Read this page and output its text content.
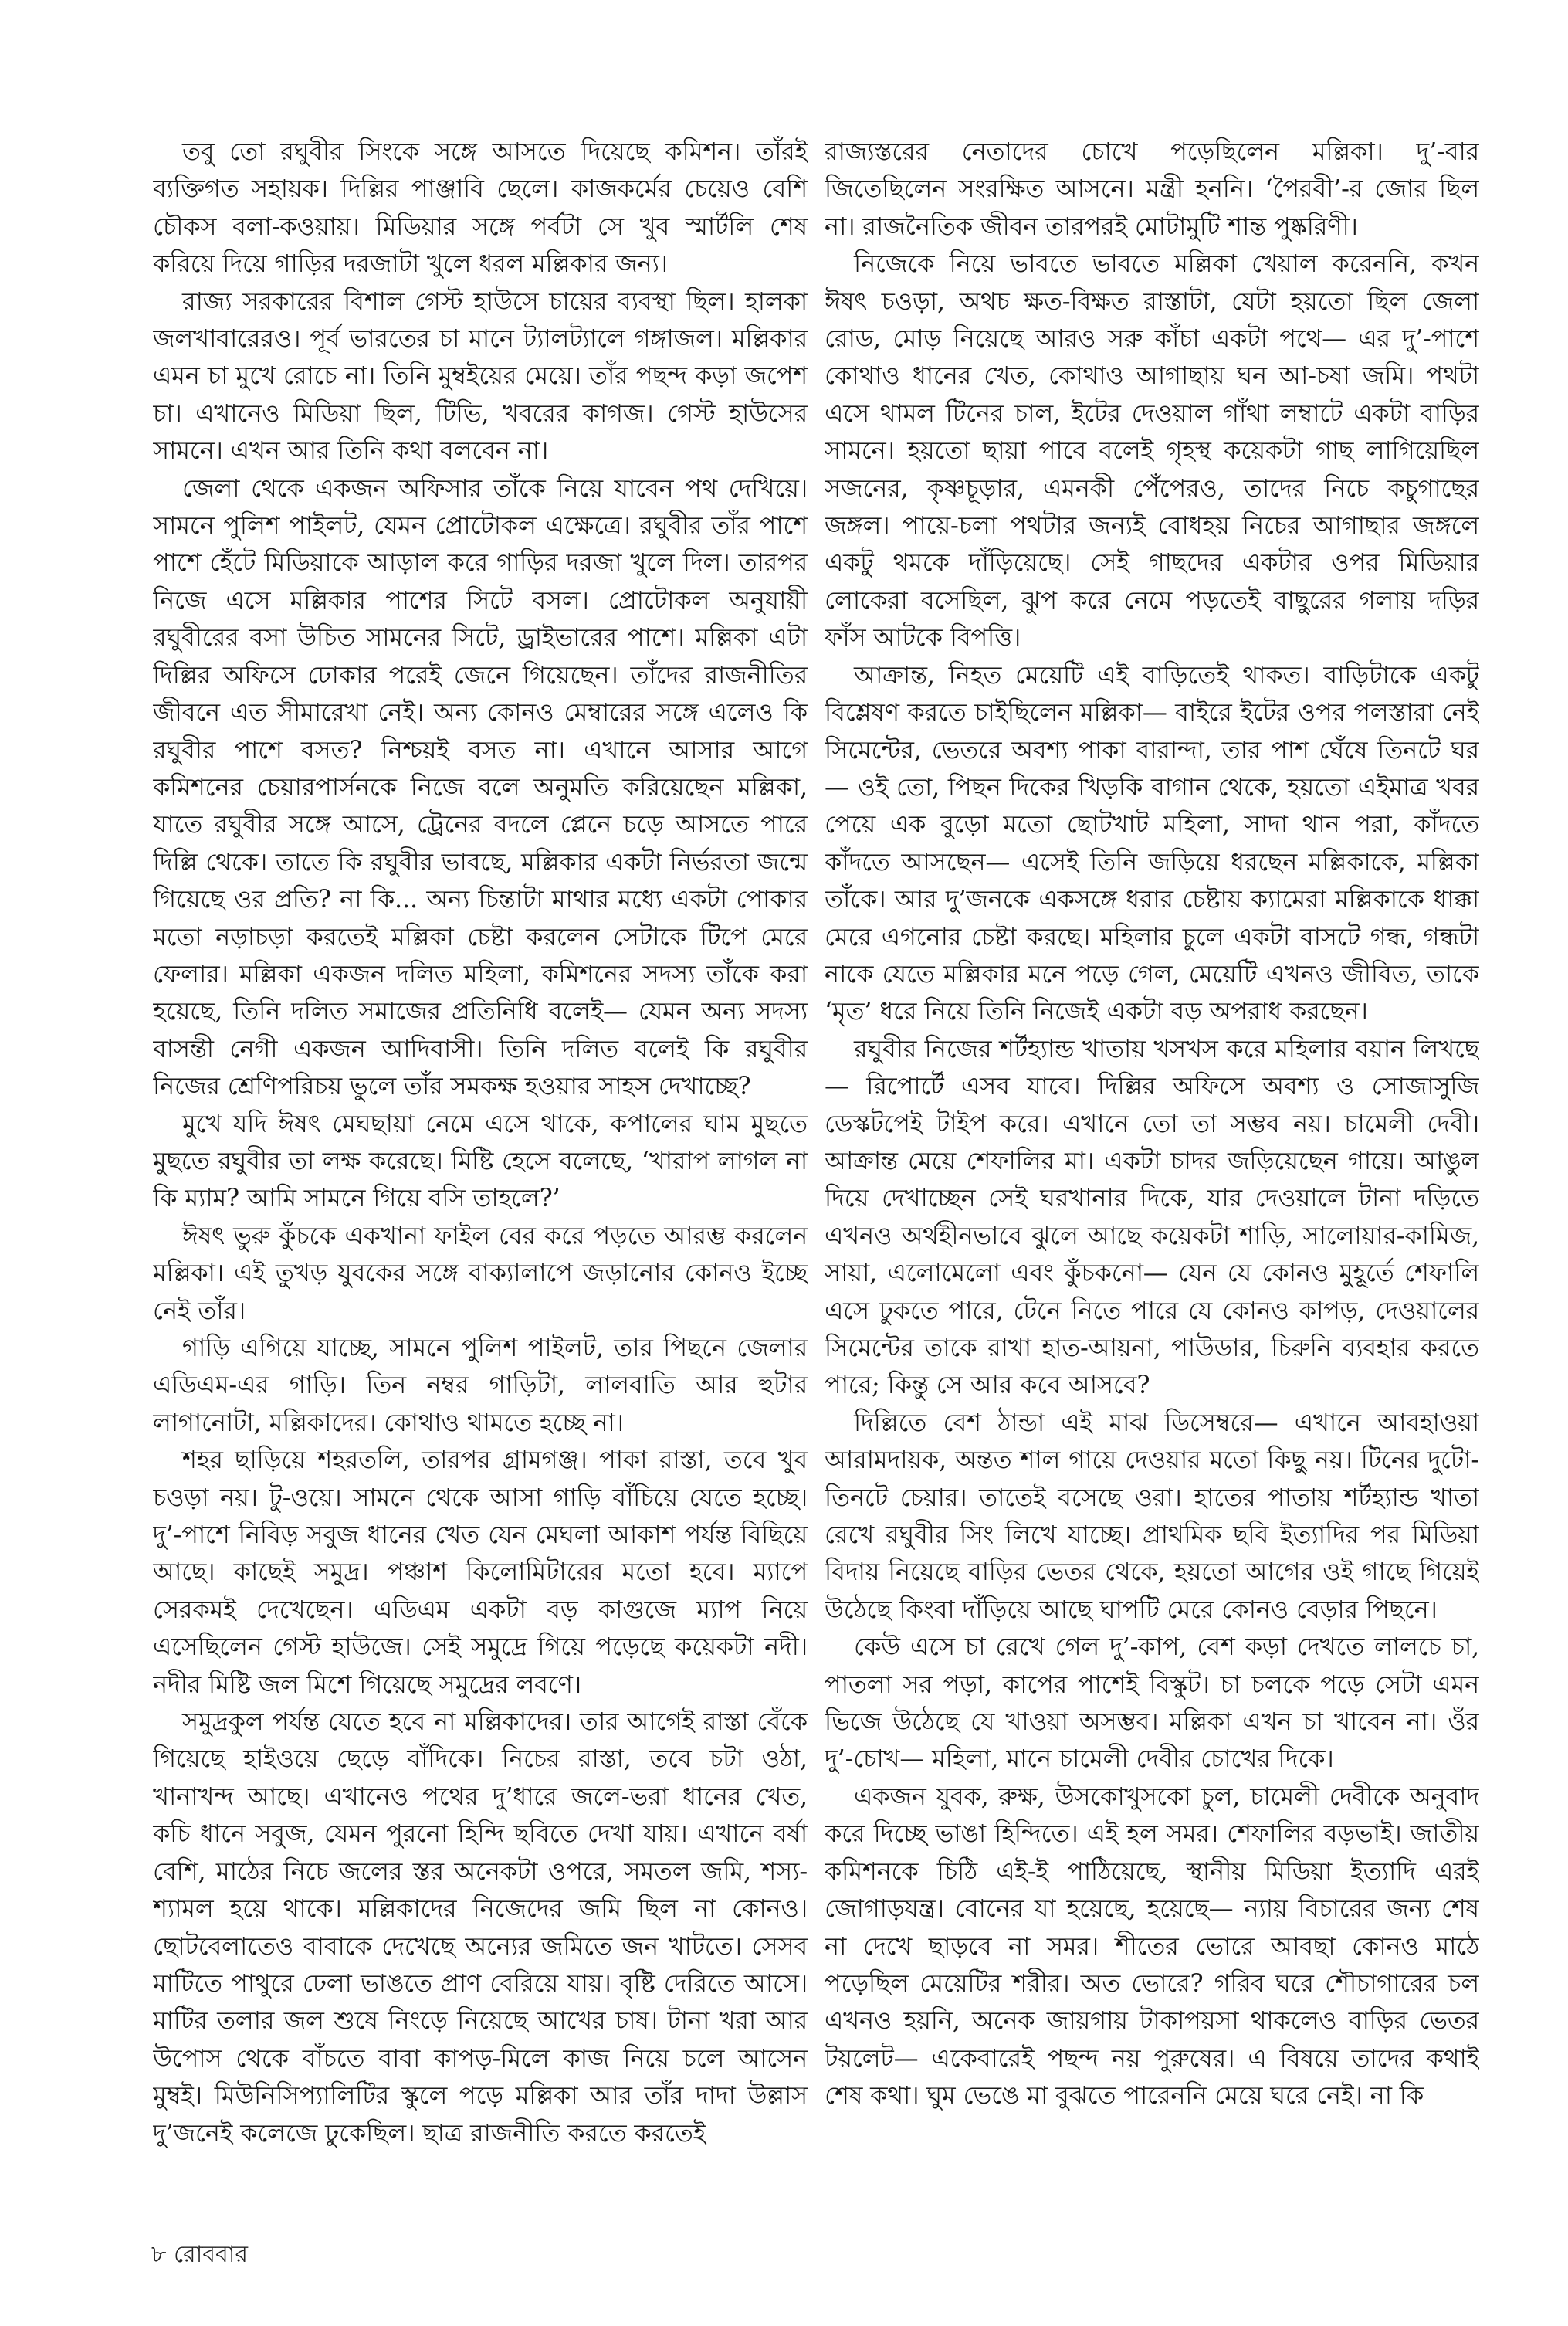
তবু তো রঘুবীর সিংকে সঙ্গে আসতে দিয়েছে কমিশন। তাঁরই ব্যক্তিগত সহায়ক। দিল্লির পাঞ্জাবি ছেলে। কাজকর্মের চেয়েও বেশি চৌকস বলা-কওয়ায়। মিডিয়ার সঙ্গে পর্বটা সে খুব স্মার্টলি শেষ করিয়ে দিয়ে গাড়ির দরজাটা খুলে ধরল মল্লিকার জন্য।

রাজ্য সরকারের বিশাল গেস্ট হাউসে চায়ের ব্যবস্থা ছিল। হালকা জলখাবারেরও। পূর্ব ভারতের চা মানে ট্যালট্যালে গঙ্গাজল। মল্লিকার এমন চা মুখে রোচে না। তিনি মুম্বইয়ের মেয়ে। তাঁর পছন্দ কড়া জপেশ চা। এখানেও মিডিয়া ছিল, টিভি, খবরের কাগজ। গেস্ট হাউসের সামনে। এখন আর তিনি কথা বলবেন না।

জেলা থেকে একজন অফিসার তাঁকে নিয়ে যাবেন পথ দেখিয়ে। সামনে পুলিশ পাইলট, যেমন প্রোটোকল এক্ষেত্রে। রঘুবীর তাঁর পাশে পাশে হেঁটে মিডিয়াকে আড়াল করে গাড়ির দরজা খুলে দিল। তারপর নিজে এসে মল্লিকার পাশের সিটে বসল। প্রোটোকল অনুযায়ী রঘুবীরের বসা উচিত সামনের সিটে, ড্রাইভারের পাশে। মল্লিকা এটা দিল্লির অফিসে ঢোকার পরেই জেনে গিয়েছেন। তাঁদের রাজনীতির জীবনে এত সীমারেখা নেই। অন্য কোনও মেম্বারের সঙ্গে এলেও কি রঘুবীর পাশে বসত? নিশ্চয়ই বসত না। এখানে আসার আগে কমিশনের চেয়ারপার্সনকে নিজে বলে অনুমতি করিয়েছেন মল্লিকা, যাতে রঘুবীর সঙ্গে আসে, ট্রেনের বদলে প্লেনে চড়ে আসতে পারে দিল্লি থেকে। তাতে কি রঘুবীর ভাবছে, মল্লিকার একটা নির্ভরতা জন্মে গিয়েছে ওর প্রতি? না কি... অন্য চিন্তাটা মাথার মধ্যে একটা পোকার মতো নড়াচড়া করতেই মল্লিকা চেষ্টা করলেন সেটাকে টিপে মেরে ফেলার। মল্লিকা একজন দলিত মহিলা, কমিশনের সদস্য তাঁকে করা হয়েছে, তিনি দলিত সমাজের প্রতিনিধি বলেই— যেমন অন্য সদস্য বাসন্তী নেগী একজন আদিবাসী। তিনি দলিত বলেই কি রঘুবীর নিজের শ্রেণিপরিচয় ভুলে তাঁর সমকক্ষ হওয়ার সাহস দেখাচ্ছে?

মুখে যদি ঈষৎ মেঘছায়া নেমে এসে থাকে, কপালের ঘাম মুছতে মুছতে রঘুবীর তা লক্ষ করেছে। মিষ্টি হেসে বলেছে, ‘খারাপ লাগল না কি ম্যাম? আমি সামনে গিয়ে বসি তাহলে?’

ঈষৎ ভুরু কুঁচকে একখানা ফাইল বের করে পড়তে আরম্ভ করলেন মল্লিকা। এই তুখড় যুবকের সঙ্গে বাক্যালাপে জড়ানোর কোনও ইচ্ছে নেই তাঁর।

গাড়ি এগিয়ে যাচ্ছে, সামনে পুলিশ পাইলট, তার পিছনে জেলার এডিএম-এর গাড়ি। তিন নম্বর গাড়িটা, লালবাতি আর হুটার লাগানোটা, মল্লিকাদের। কোথাও থামতে হচ্ছে না।

শহর ছাড়িয়ে শহরতলি, তারপর গ্রামগঞ্জ। পাকা রাস্তা, তবে খুব চওড়া নয়। টু-ওয়ে। সামনে থেকে আসা গাড়ি বাঁচিয়ে যেতে হচ্ছে। দু’-পাশে নিবিড় সবুজ ধানের খেত যেন মেঘলা আকাশ পর্যন্ত বিছিয়ে আছে। কাছেই সমুদ্র। পঞ্চাশ কিলোমিটারের মতো হবে। ম্যাপে সেরকমই দেখেছেন। এডিএম একটা বড় কাগুজে ম্যাপ নিয়ে এসেছিলেন গেস্ট হাউজে। সেই সমুদ্রে গিয়ে পড়েছে কয়েকটা নদী। নদীর মিষ্টি জল মিশে গিয়েছে সমুদ্রের লবণে।

সমুদ্রকুল পর্যন্ত যেতে হবে না মল্লিকাদের। তার আগেই রাস্তা বেঁকে গিয়েছে হাইওয়ে ছেড়ে বাঁদিকে। নিচের রাস্তা, তবে চটা ওঠা, খানাখন্দ আছে। এখানেও পথের দু’ধারে জলে-ভরা ধানের খেত, কচি ধানে সবুজ, যেমন পুরনো হিন্দি ছবিতে দেখা যায়। এখানে বর্ষা বেশি, মাঠের নিচে জলের স্তর অনেকটা ওপরে, সমতল জমি, শস্য-শ্যামল হয়ে থাকে। মল্লিকাদের নিজেদের জমি ছিল না কোনও। ছোটবেলাতেও বাবাকে দেখেছে অন্যের জমিতে জন খাটতে। সেসব মাটিতে পাথুরে ঢেলা ভাঙতে প্রাণ বেরিয়ে যায়। বৃষ্টি দেরিতে আসে। মাটির তলার জল শুষে নিংড়ে নিয়েছে আখের চাষ। টানা খরা আর উপোস থেকে বাঁচতে বাবা কাপড়-মিলে কাজ নিয়ে চলে আসেন মুম্বই। মিউনিসিপ্যালিটির স্কুলে পড়ে মল্লিকা আর তাঁর দাদা উল্লাস দু’জনেই কলেজে ঢুকেছিল। ছাত্র রাজনীতি করতে করতেই

রাজ্যস্তরের নেতাদের চোখে পড়েছিলেন মল্লিকা। দু’-বার জিতেছিলেন সংরক্ষিত আসনে। মন্ত্রী হননি। ‘পৈরবী’-র জোর ছিল না। রাজনৈতিক জীবন তারপরই মোটামুটি শান্ত পুষ্করিণী।

নিজেকে নিয়ে ভাবতে ভাবতে মল্লিকা খেয়াল করেননি, কখন ঈষৎ চওড়া, অথচ ক্ষত-বিক্ষত রাস্তাটা, যেটা হয়তো ছিল জেলা রোড, মোড় নিয়েছে আরও সরু কাঁচা একটা পথে— এর দু’-পাশে কোথাও ধানের খেত, কোথাও আগাছায় ঘন আ-চষা জমি। পথটা এসে থামল টিনের চাল, ইটের দেওয়াল গাঁথা লম্বাটে একটা বাড়ির সামনে। হয়তো ছায়া পাবে বলেই গৃহস্থ কয়েকটা গাছ লাগিয়েছিল সজনের, কৃষ্ণচূড়ার, এমনকী পেঁপেরও, তাদের নিচে কচুগাছের জঙ্গল। পায়ে-চলা পথটার জন্যই বোধহয় নিচের আগাছার জঙ্গলে একটু থমকে দাঁড়িয়েছে। সেই গাছদের একটার ওপর মিডিয়ার লোকেরা বসেছিল, ঝুপ করে নেমে পড়তেই বাছুরের গলায় দড়ির ফাঁস আটকে বিপত্তি।

আক্রান্ত, নিহত মেয়েটি এই বাড়িতেই থাকত। বাড়িটাকে একটু বিশ্লেষণ করতে চাইছিলেন মল্লিকা— বাইরে ইটের ওপর পলস্তারা নেই সিমেন্টের, ভেতরে অবশ্য পাকা বারান্দা, তার পাশ ঘেঁষে তিনটে ঘর— ওই তো, পিছন দিকের খিড়কি বাগান থেকে, হয়তো এইমাত্র খবর পেয়ে এক বুড়ো মতো ছোটখাট মহিলা, সাদা থান পরা, কাঁদতে কাঁদতে আসছেন— এসেই তিনি জড়িয়ে ধরছেন মল্লিকাকে, মল্লিকা তাঁকে। আর দু’জনকে একসঙ্গে ধরার চেষ্টায় ক্যামেরা মল্লিকাকে ধাক্কা মেরে এগনোর চেষ্টা করছে। মহিলার চুলে একটা বাসটে গন্ধ, গন্ধটা নাকে যেতে মল্লিকার মনে পড়ে গেল, মেয়েটি এখনও জীবিত, তাকে ‘মৃত’ ধরে নিয়ে তিনি নিজেই একটা বড় অপরাধ করছেন।

রঘুবীর নিজের শর্টহ্যান্ড খাতায় খসখস করে মহিলার বয়ান লিখছে— রিপোর্টে এসব যাবে। দিল্লির অফিসে অবশ্য ও সোজাসুজি ডেস্কটপেই টাইপ করে। এখানে তো তা সম্ভব নয়। চামেলী দেবী। আক্রান্ত মেয়ে শেফালির মা। একটা চাদর জড়িয়েছেন গায়ে। আঙুল দিয়ে দেখাচ্ছেন সেই ঘরখানার দিকে, যার দেওয়ালে টানা দড়িতে এখনও অর্থহীনভাবে ঝুলে আছে কয়েকটা শাড়ি, সালোয়ার-কামিজ, সায়া, এলোমেলো এবং কুঁচকনো— যেন যে কোনও মুহূর্তে শেফালি এসে ঢুকতে পারে, টেনে নিতে পারে যে কোনও কাপড়, দেওয়ালের সিমেন্টের তাকে রাখা হাত-আয়না, পাউডার, চিরুনি ব্যবহার করতে পারে; কিন্তু সে আর কবে আসবে?

দিল্লিতে বেশ ঠান্ডা এই মাঝ ডিসেম্বরে— এখানে আবহাওয়া আরামদায়ক, অন্তত শাল গায়ে দেওয়ার মতো কিছু নয়। টিনের দুটো-তিনটে চেয়ার। তাতেই বসেছে ওরা। হাতের পাতায় শর্টহ্যান্ড খাতা রেখে রঘুবীর সিং লিখে যাচ্ছে। প্রাথমিক ছবি ইত্যাদির পর মিডিয়া বিদায় নিয়েছে বাড়ির ভেতর থেকে, হয়তো আগের ওই গাছে গিয়েই উঠেছে কিংবা দাঁড়িয়ে আছে ঘাপটি মেরে কোনও বেড়ার পিছনে।

কেউ এসে চা রেখে গেল দু’-কাপ, বেশ কড়া দেখতে লালচে চা, পাতলা সর পড়া, কাপের পাশেই বিস্কুট। চা চলকে পড়ে সেটা এমন ভিজে উঠেছে যে খাওয়া অসম্ভব। মল্লিকা এখন চা খাবেন না। ওঁর দু’-চোখ— মহিলা, মানে চামেলী দেবীর চোখের দিকে।

একজন যুবক, রুক্ষ, উসকোখুসকো চুল, চামেলী দেবীকে অনুবাদ করে দিচ্ছে ভাঙা হিন্দিতে। এই হল সমর। শেফালির বড়ভাই। জাতীয় কমিশনকে চিঠি এই-ই পাঠিয়েছে, স্থানীয় মিডিয়া ইত্যাদি এরই জোগাড়যন্ত্র। বোনের যা হয়েছে, হয়েছে— ন্যায় বিচারের জন্য শেষ না দেখে ছাড়বে না সমর। শীতের ভোরে আবছা কোনও মাঠে পড়েছিল মেয়েটির শরীর। অত ভোরে? গরিব ঘরে শৌচাগারের চল এখনও হয়নি, অনেক জায়গায় টাকাপয়সা থাকলেও বাড়ির ভেতর টয়লেট— একেবারেই পছন্দ নয় পুরুষের। এ বিষয়ে তাদের কথাই শেষ কথা। ঘুম ভেঙে মা বুঝতে পারেননি মেয়ে ঘরে নেই। না কি

৮ রোববার
